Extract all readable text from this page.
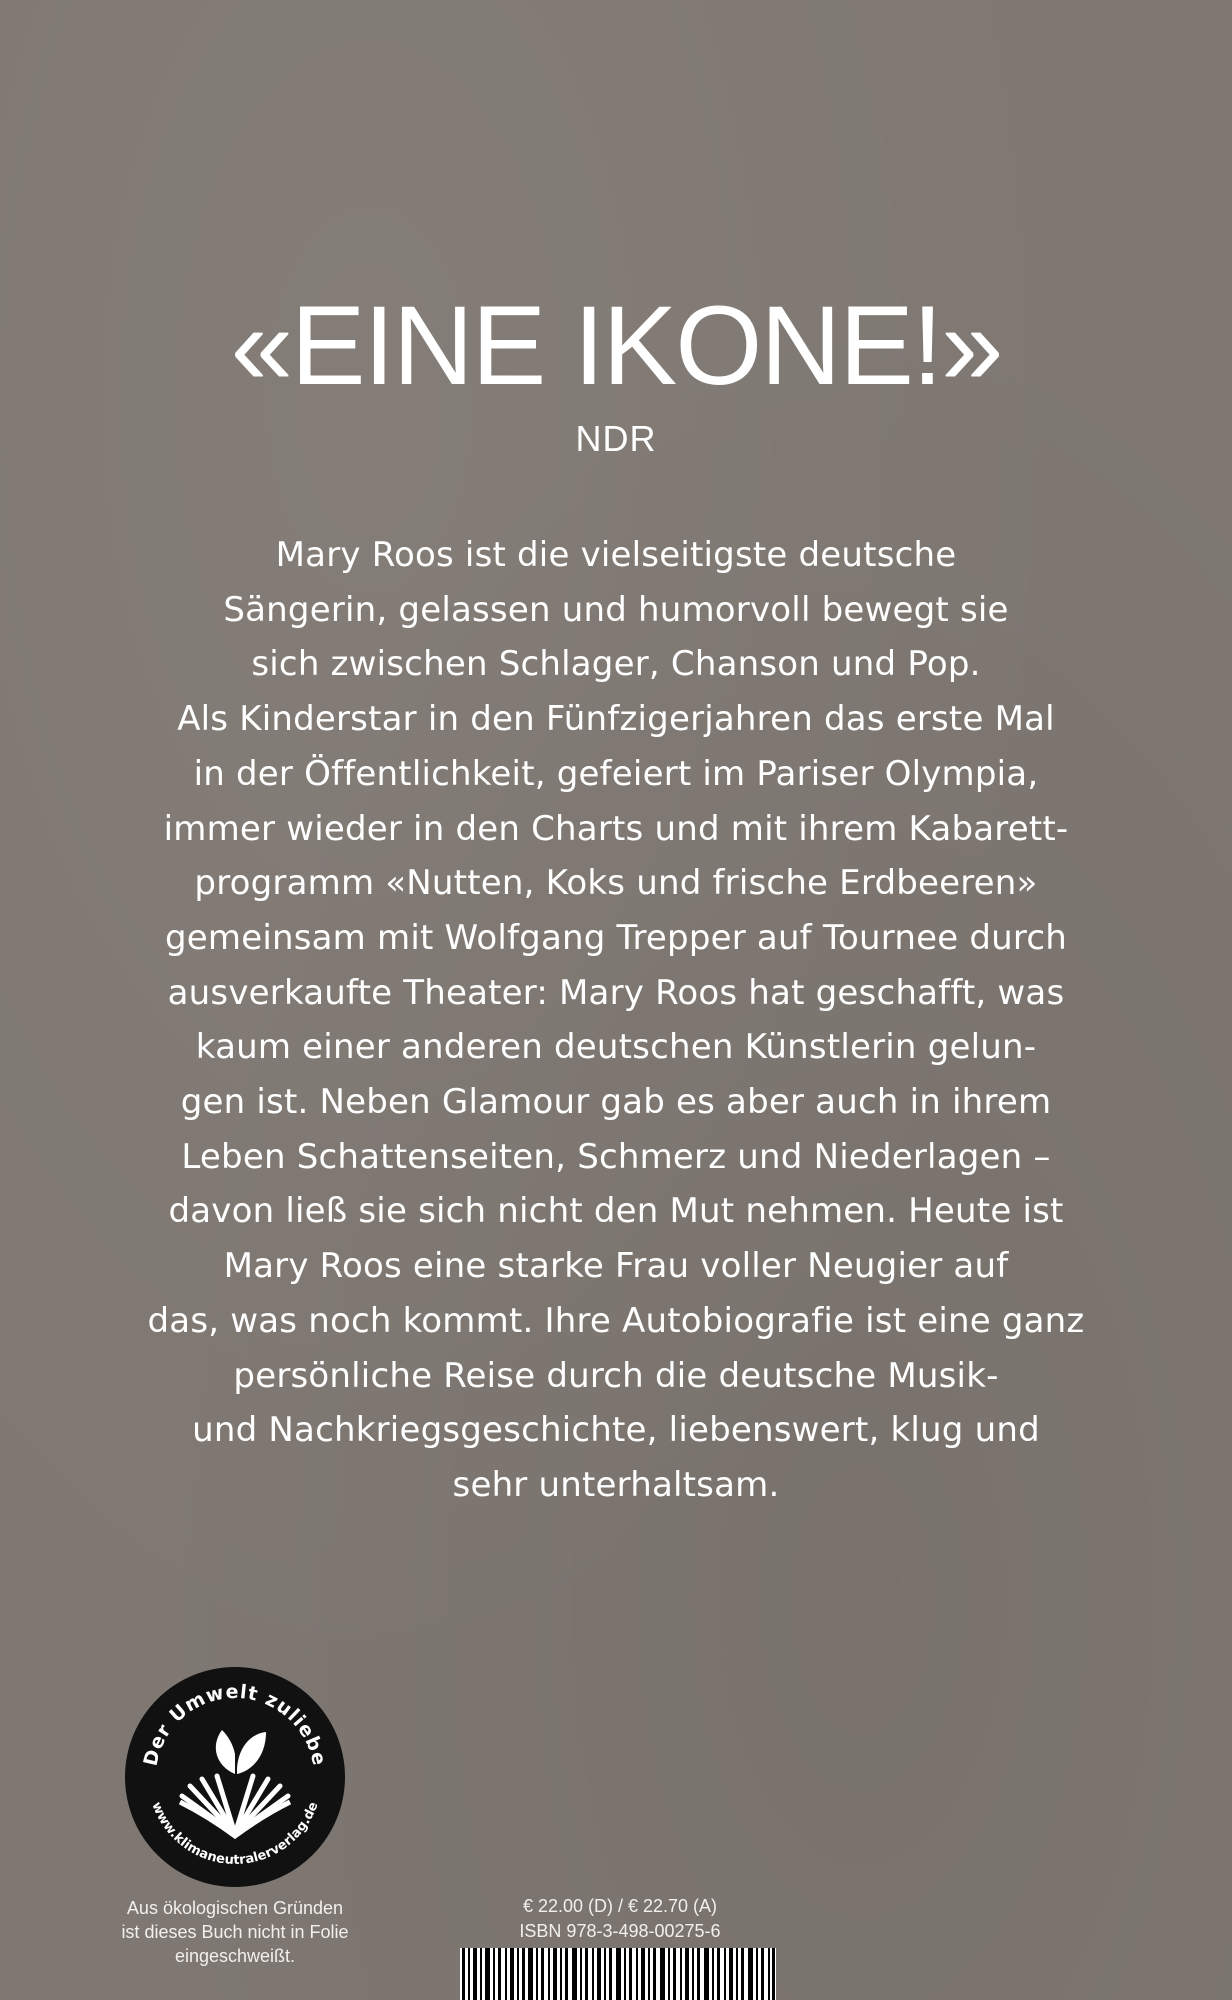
«EINE IKONE!»
NDR
Mary Roos ist die vielseitigste deutsche
Sängerin, gelassen und humorvoll bewegt sie
sich zwischen Schlager, Chanson und Pop.
Als Kinderstar in den Fünfzigerjahren das erste Mal
in der Öffentlichkeit, gefeiert im Pariser Olympia,
immer wieder in den Charts und mit ihrem Kabarett-
programm «Nutten, Koks und frische Erdbeeren»
gemeinsam mit Wolfgang Trepper auf Tournee durch
ausverkaufte Theater: Mary Roos hat geschafft, was
kaum einer anderen deutschen Künstlerin gelun-
gen ist. Neben Glamour gab es aber auch in ihrem
Leben Schattenseiten, Schmerz und Niederlagen –
davon ließ sie sich nicht den Mut nehmen. Heute ist
Mary Roos eine starke Frau voller Neugier auf
das, was noch kommt. Ihre Autobiografie ist eine ganz
persönliche Reise durch die deutsche Musik-
und Nachkriegsgeschichte, liebenswert, klug und
sehr unterhaltsam.
Der Umwelt zuliebe
www.klimaneutralerverlag.de
Aus ökologischen Gründen
ist dieses Buch nicht in Folie
eingeschweißt.
€ 22.00 (D) / € 22.70 (A)
ISBN 978-3-498-00275-6
